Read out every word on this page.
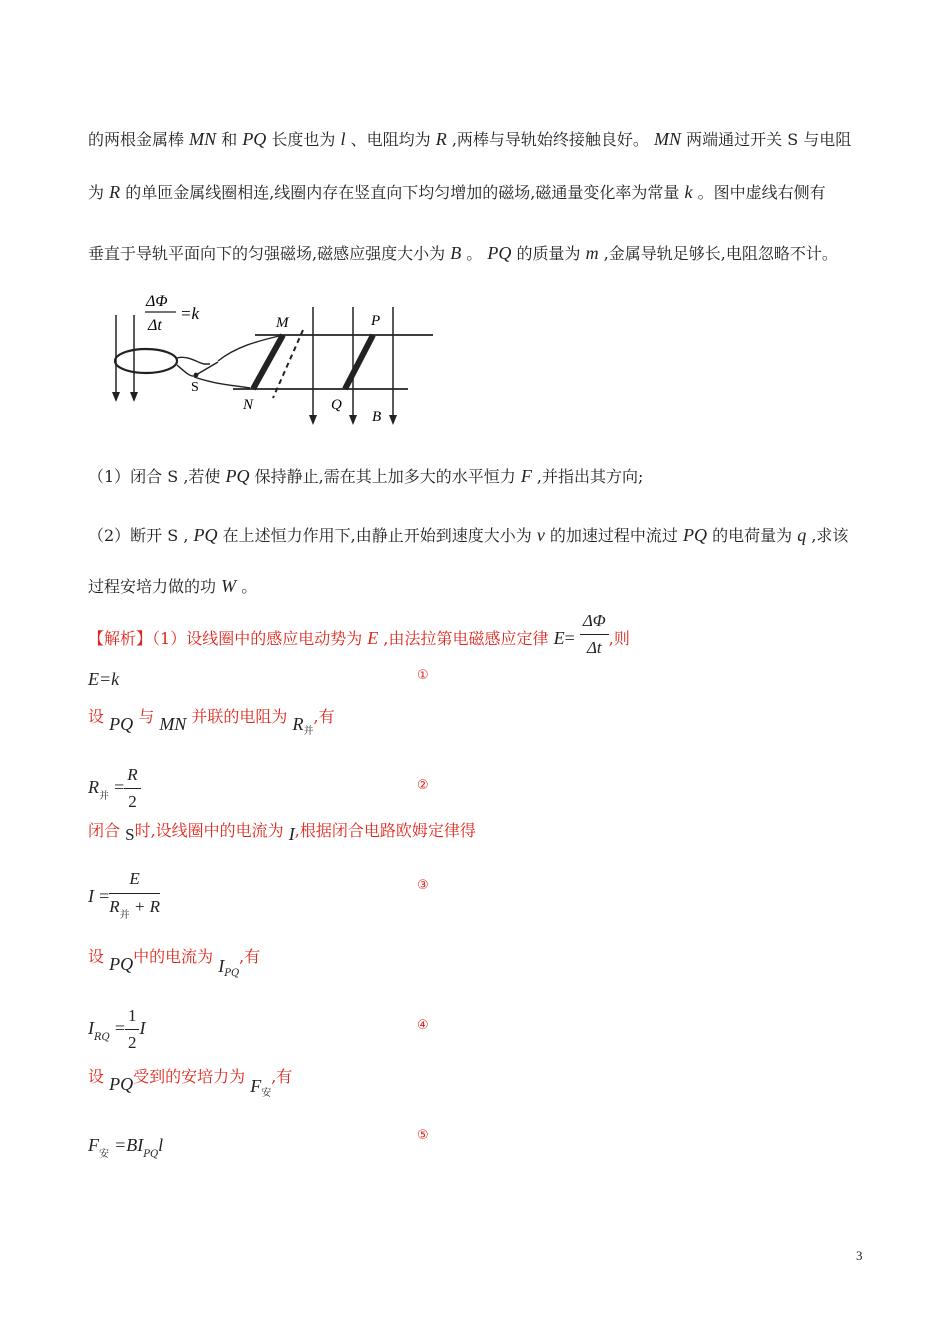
的两根金属棒 MN 和 PQ 长度也为 l 、电阻均为 R ,两棒与导轨始终接触良好。 MN 两端通过开关 S 与电阻
为 R 的单匝金属线圈相连,线圈内存在竖直向下均匀增加的磁场,磁通量变化率为常量 k 。图中虚线右侧有
垂直于导轨平面向下的匀强磁场,磁感应强度大小为 B 。 PQ 的质量为 m ,金属导轨足够长,电阻忽略不计。
ΔΦ
Δt
=k
S
M
N
P
Q
B
（1）闭合 S ,若使 PQ 保持静止,需在其上加多大的水平恒力 F ,并指出其方向;
（2）断开 S , PQ 在上述恒力作用下,由静止开始到速度大小为 v 的加速过程中流过 PQ 的电荷量为 q ,求该
过程安培力做的功 W 。
【解析】（1）设线圈中的感应电动势为 E ,由法拉第电磁感应定律 $E= \frac{\Delta\Phi}{\Delta t}$ ,则
E=k	①
设 PQ 与 MN 并联的电阻为 $R_并$,有
$R_并 = \frac{R}{2}$	②
闭合 S时,设线圈中的电流为 I,根据闭合电路欧姆定律得
$I = \frac{E}{R_并 + R}$	③
设 PQ中的电流为 $I_{PQ}$,有
$I_{RQ} = \frac{1}{2}$ I	④
设 PQ受到的安培力为 $F_安$,有
$F_安 =BI_{PQ}l$	⑤
3
